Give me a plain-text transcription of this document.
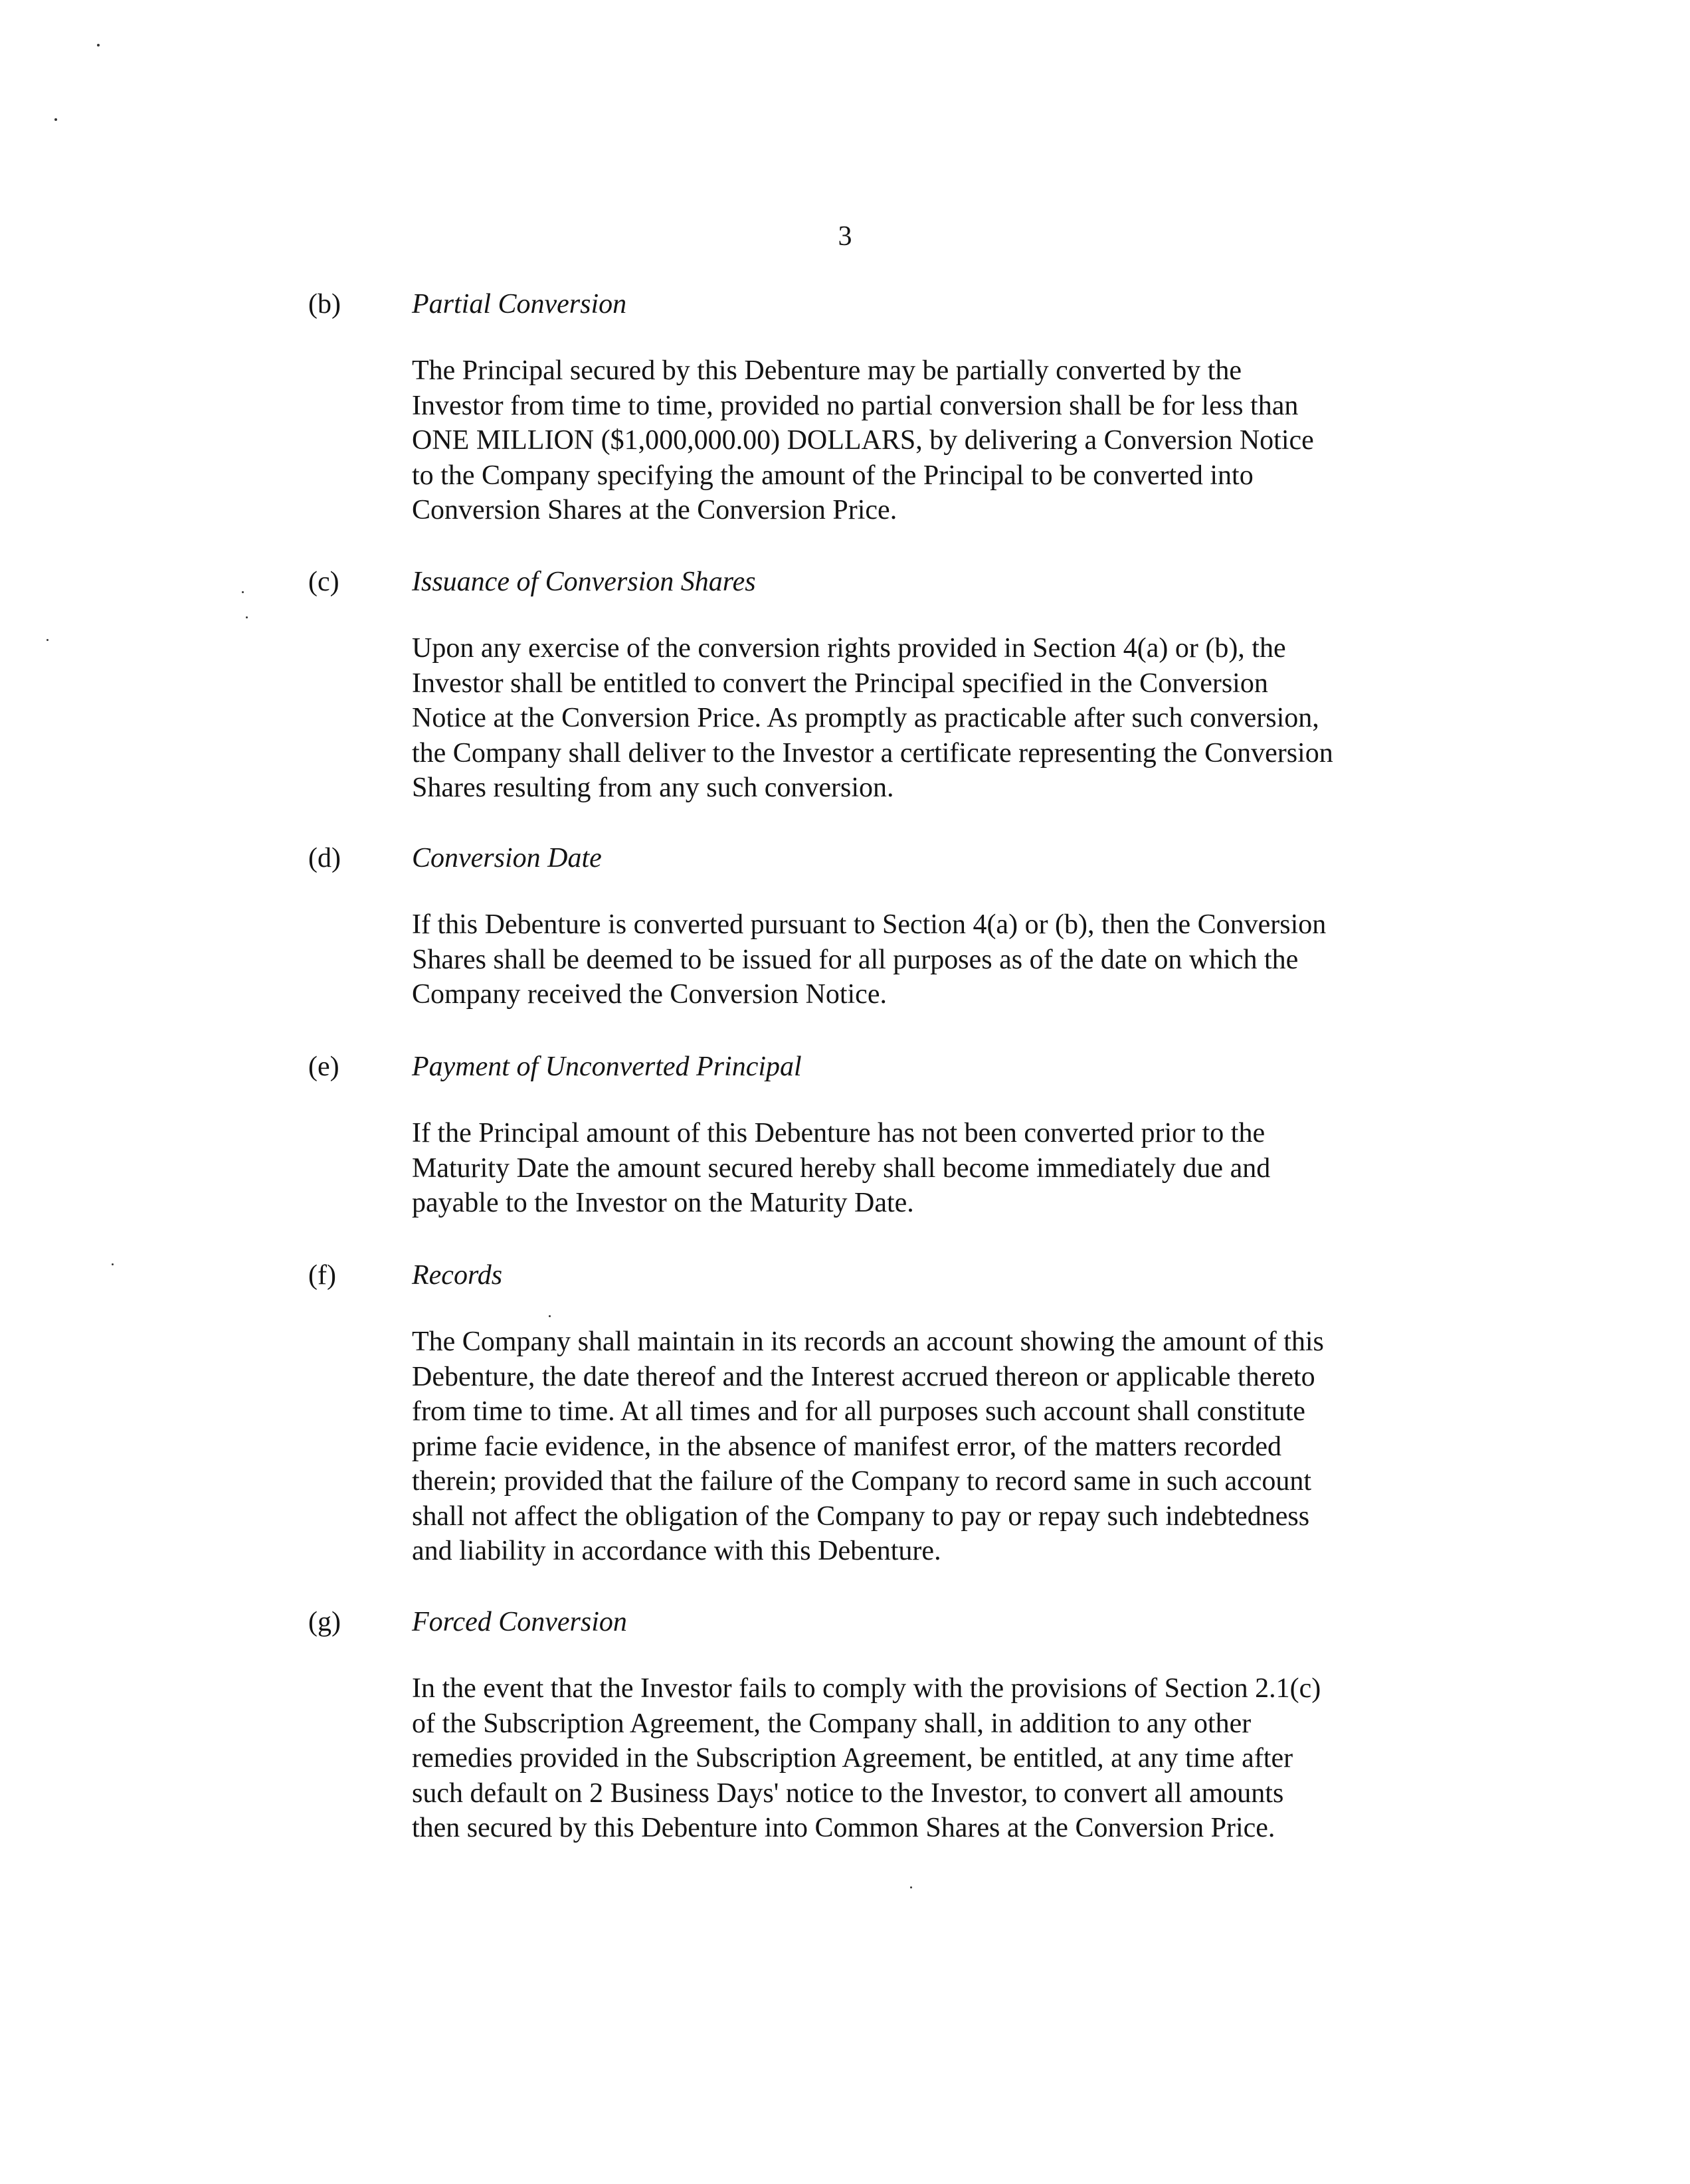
3
(b)	Partial Conversion
The Principal secured by this Debenture may be partially converted by the
Investor from time to time, provided no partial conversion shall be for less than
ONE MILLION ($1,000,000.00) DOLLARS, by delivering a Conversion Notice
to the Company specifying the amount of the Principal to be converted into
Conversion Shares at the Conversion Price.
(c)	Issuance of Conversion Shares
Upon any exercise of the conversion rights provided in Section 4(a) or (b), the
Investor shall be entitled to convert the Principal specified in the Conversion
Notice at the Conversion Price. As promptly as practicable after such conversion,
the Company shall deliver to the Investor a certificate representing the Conversion
Shares resulting from any such conversion.
(d)	Conversion Date
If this Debenture is converted pursuant to Section 4(a) or (b), then the Conversion
Shares shall be deemed to be issued for all purposes as of the date on which the
Company received the Conversion Notice.
(e)	Payment of Unconverted Principal
If the Principal amount of this Debenture has not been converted prior to the
Maturity Date the amount secured hereby shall become immediately due and
payable to the Investor on the Maturity Date.
(f)	Records
The Company shall maintain in its records an account showing the amount of this
Debenture, the date thereof and the Interest accrued thereon or applicable thereto
from time to time. At all times and for all purposes such account shall constitute
prime facie evidence, in the absence of manifest error, of the matters recorded
therein; provided that the failure of the Company to record same in such account
shall not affect the obligation of the Company to pay or repay such indebtedness
and liability in accordance with this Debenture.
(g)	Forced Conversion
In the event that the Investor fails to comply with the provisions of Section 2.1(c)
of the Subscription Agreement, the Company shall, in addition to any other
remedies provided in the Subscription Agreement, be entitled, at any time after
such default on 2 Business Days' notice to the Investor, to convert all amounts
then secured by this Debenture into Common Shares at the Conversion Price.
